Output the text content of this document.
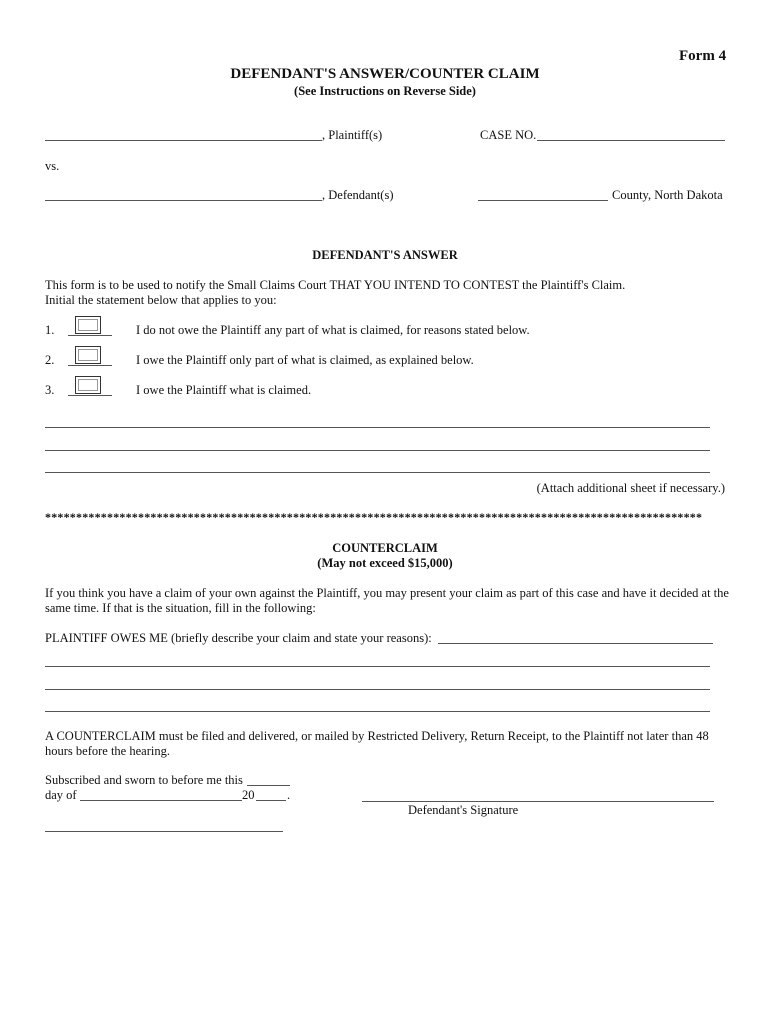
Form 4
DEFENDANT'S ANSWER/COUNTER CLAIM
(See Instructions on Reverse Side)
, Plaintiff(s)	CASE NO.
vs.
, Defendant(s)	County, North Dakota
DEFENDANT'S ANSWER
This form is to be used to notify the Small Claims Court THAT YOU INTEND TO CONTEST the Plaintiff's Claim.
Initial the statement below that applies to you:
1.	I do not owe the Plaintiff any part of what is claimed, for reasons stated below.
2.	I owe the Plaintiff only part of what is claimed, as explained below.
3.	I owe the Plaintiff what is claimed.
(Attach additional sheet if necessary.)
**********************************************************************************************************
COUNTERCLAIM
(May not exceed $15,000)
If you think you have a claim of your own against the Plaintiff, you may present your claim as part of this case and have it decided at the same time. If that is the situation, fill in the following:
PLAINTIFF OWES ME (briefly describe your claim and state your reasons):
A COUNTERCLAIM must be filed and delivered, or mailed by Restricted Delivery, Return Receipt, to the Plaintiff not later than 48 hours before the hearing.
Subscribed and sworn to before me this
day of	20	.
Defendant's Signature
